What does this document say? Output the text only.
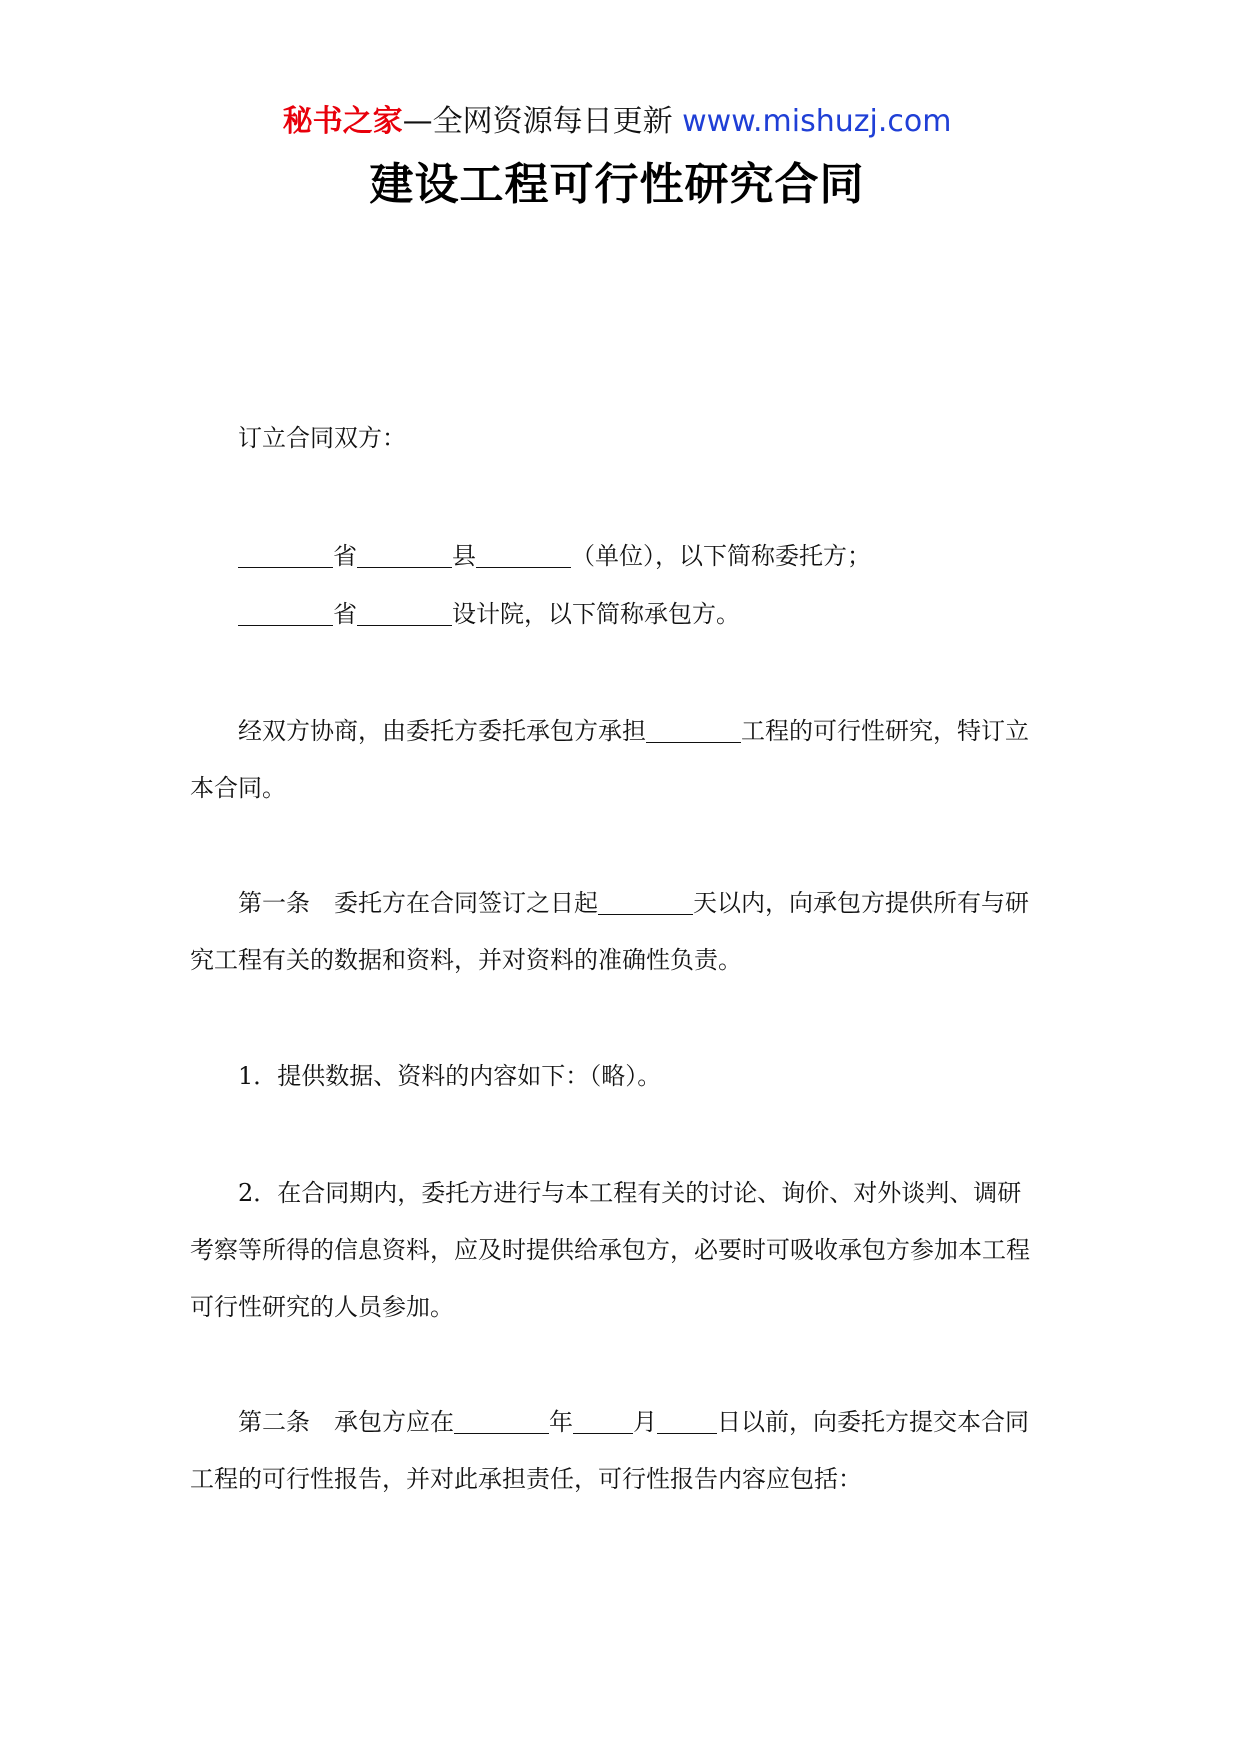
秘书之家—全网资源每日更新 www.mishuzj.com
建设工程可行性研究合同

订立合同双方：

省	县	（单位），以下简称委托方；

省	设计院，以下简称承包方。

经双方协商，由委托方委托承包方承担	工程的可行性研究，特订立本合同。

第一条 委托方在合同签订之日起	天以内，向承包方提供所有与研究工程有关的数据和资料，并对资料的准确性负责。

1．提供数据、资料的内容如下：（略）。

2．在合同期内，委托方进行与本工程有关的讨论、询价、对外谈判、调研考察等所得的信息资料，应及时提供给承包方，必要时可吸收承包方参加本工程可行性研究的人员参加。

第二条 承包方应在	年	月	日以前，向委托方提交本合同工程的可行性报告，并对此承担责任，可行性报告内容应包括：
